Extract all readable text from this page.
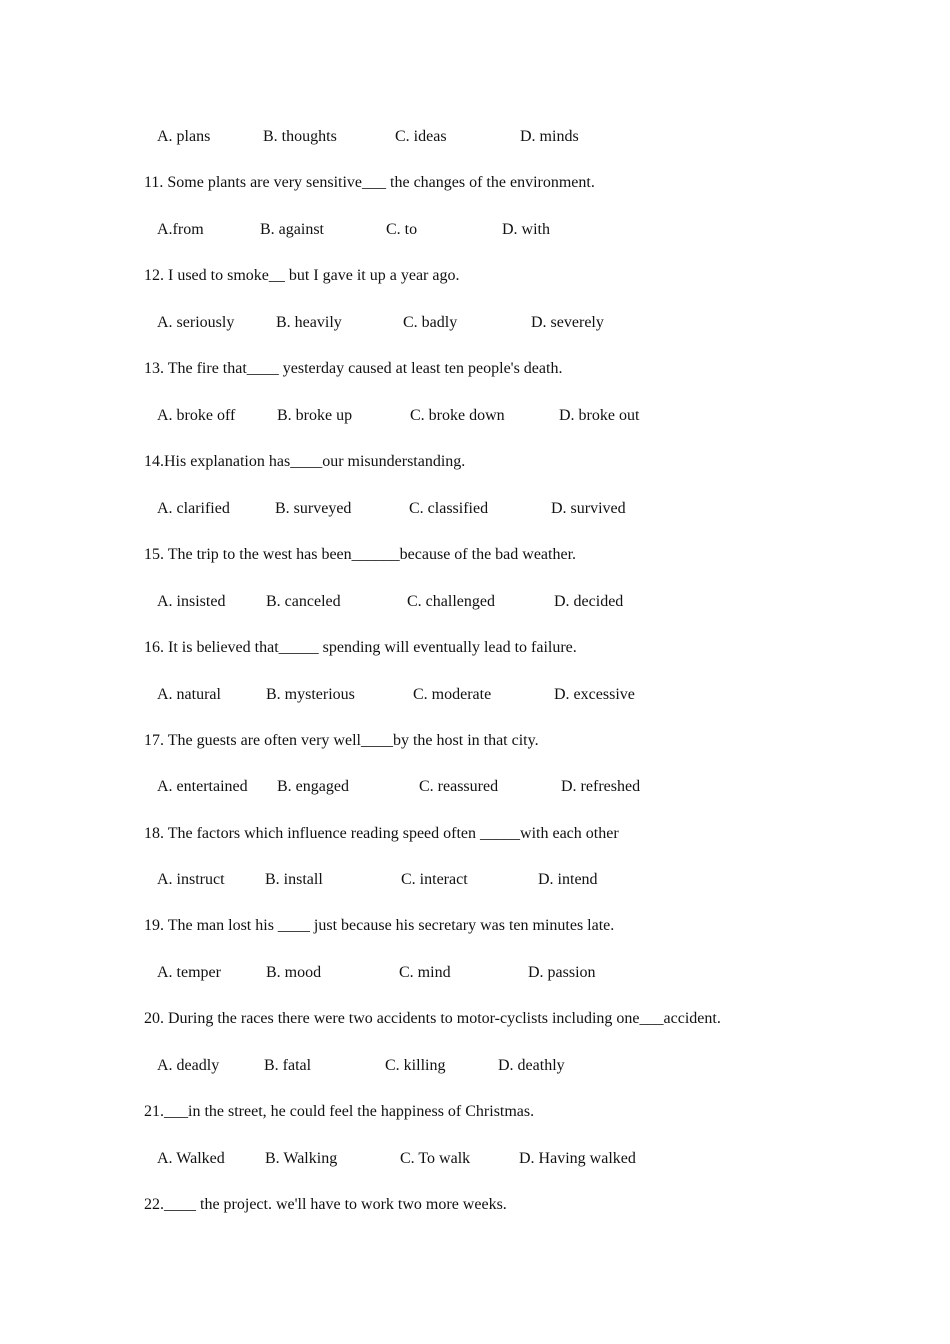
A. plans	B. thoughts	C. ideas	D. minds
11. Some plants are very sensitive___ the changes of the environment.
A.from	B. against	C. to	D. with
12. I used to smoke__ but I gave it up a year ago.
A. seriously	B. heavily	C. badly	D. severely
13. The fire that____ yesterday caused at least ten people's death.
A. broke off	B. broke up	C. broke down	D. broke out
14.His explanation has____our misunderstanding.
A. clarified	B. surveyed	C. classified	D. survived
15. The trip to the west has been______because of the bad weather.
A. insisted	B. canceled	C. challenged	D. decided
16. It is believed that_____ spending will eventually lead to failure.
A. natural	B. mysterious	C. moderate	D. excessive
17. The guests are often very well____by the host in that city.
A. entertained B. engaged	C. reassured	D. refreshed
18. The factors which influence reading speed often _____with each other
A. instruct	B. install	C. interact	D. intend
19. The man lost his ____ just because his secretary was ten minutes late.
A. temper	B. mood	C. mind	D. passion
20. During the races there were two accidents to motor-cyclists including one___accident.
A. deadly	B. fatal	C. killing	D. deathly
21.___in the street, he could feel the happiness of Christmas.
A. Walked	B. Walking	C. To walk	D. Having walked
22.____ the project. we'll have to work two more weeks.
